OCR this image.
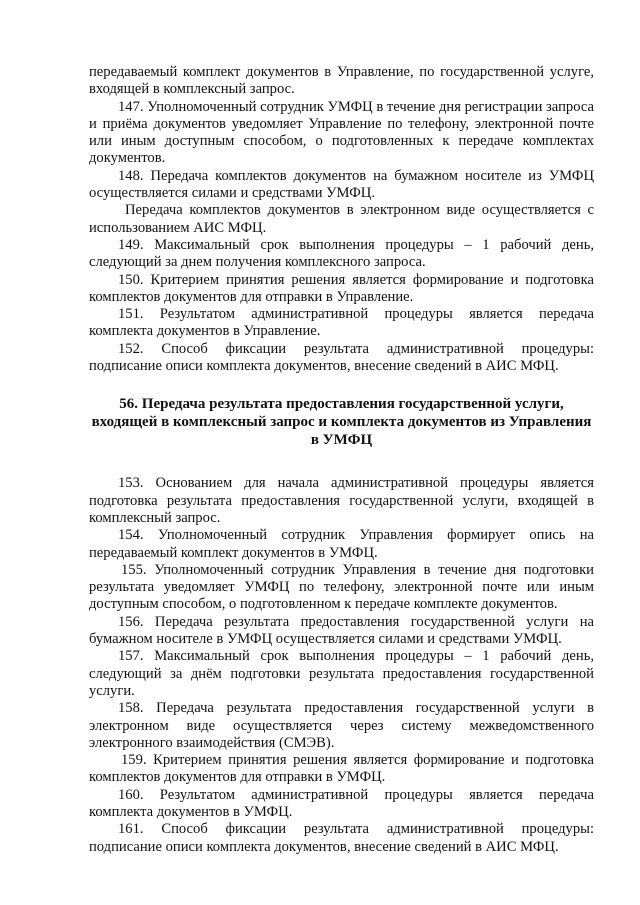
передаваемый комплект документов в Управление, по государственной услуге, входящей в комплексный запрос.

147. Уполномоченный сотрудник УМФЦ в течение дня регистрации запроса и приёма документов уведомляет Управление по телефону, электронной почте или иным доступным способом, о подготовленных к передаче комплектах документов.

148. Передача комплектов документов на бумажном носителе из УМФЦ осуществляется силами и средствами УМФЦ.

Передача комплектов документов в электронном виде осуществляется с использованием АИС МФЦ.

149. Максимальный срок выполнения процедуры – 1 рабочий день, следующий за днем получения комплексного запроса.

150. Критерием принятия решения является формирование и подготовка комплектов документов для отправки в Управление.

151. Результатом административной процедуры является передача комплекта документов в Управление.

152. Способ фиксации результата административной процедуры: подписание описи комплекта документов, внесение сведений в АИС МФЦ.

56. Передача результата предоставления государственной услуги, входящей в комплексный запрос и комплекта документов из Управления в УМФЦ

153. Основанием для начала административной процедуры является подготовка результата предоставления государственной услуги, входящей в комплексный запрос.

154. Уполномоченный сотрудник Управления формирует опись на передаваемый комплект документов в УМФЦ.

155. Уполномоченный сотрудник Управления в течение дня подготовки результата уведомляет УМФЦ по телефону, электронной почте или иным доступным способом, о подготовленном к передаче комплекте документов.

156. Передача результата предоставления государственной услуги на бумажном носителе в УМФЦ осуществляется силами и средствами УМФЦ.

157. Максимальный срок выполнения процедуры – 1 рабочий день, следующий за днём подготовки результата предоставления государственной услуги.

158. Передача результата предоставления государственной услуги в электронном виде осуществляется через систему межведомственного электронного взаимодействия (СМЭВ).

159. Критерием принятия решения является формирование и подготовка комплектов документов для отправки в УМФЦ.

160. Результатом административной процедуры является передача комплекта документов в УМФЦ.

161. Способ фиксации результата административной процедуры: подписание описи комплекта документов, внесение сведений в АИС МФЦ.
